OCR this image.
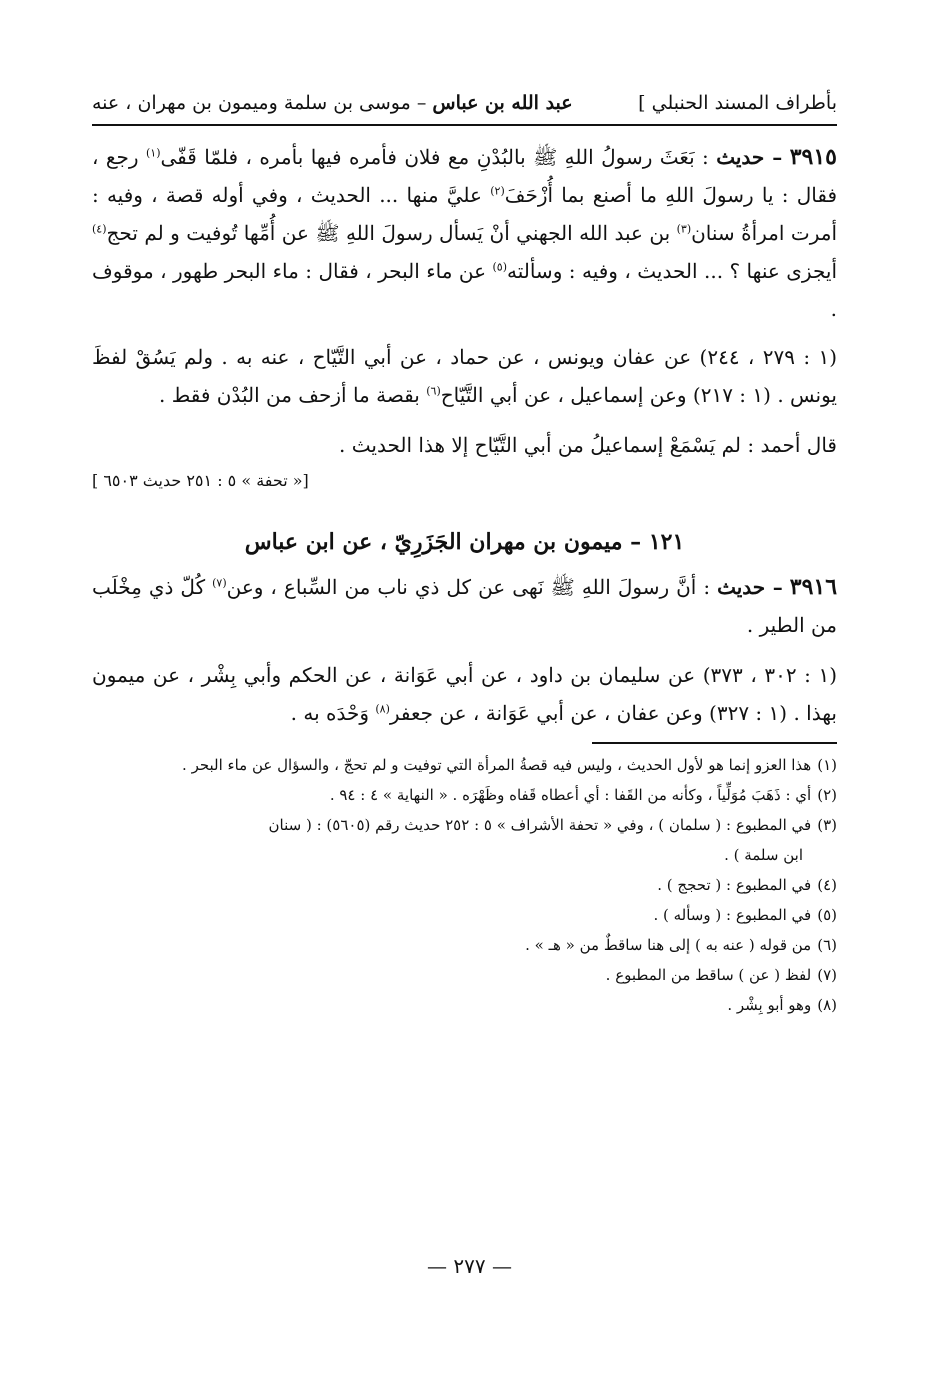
بأطراف المسند الحنبلي ]
عبد الله بن عباس – موسى بن سلمة وميمون بن مهران ، عنه

٣٩١٥ – حديث : بَعَثَ رسولُ اللهِ ﷺ بالبُدْنِ مع فلان فأمره فيها بأمره ، فلمّا قَفّى$^{(١)}$ رجع ، فقال : يا رسولَ اللهِ ما أصنع بما أُزْحَفَ$^{(٢)}$ عليَّ منها ... الحديث ، وفي أوله قصة ، وفيه : أمرت امرأةُ سنان$^{(٣)}$ بن عبد الله الجهني أنْ يَسأل رسولَ اللهِ ﷺ عن أُمِّها تُوفيت و لم تحج$^{(٤)}$ أيجزى عنها ؟ ... الحديث ، وفيه : وسألته$^{(٥)}$ عن ماء البحر ، فقال : ماء البحر طهور ، موقوف .

(١ : ٢٧٩ ، ٢٤٤) عن عفان ويونس ، عن حماد ، عن أبي التَّيّاح ، عنه به . ولم يَسُقْ لفظَ يونس . (١ : ٢١٧) وعن إسماعيل ، عن أبي التَّيّاح$^{(٦)}$ بقصة ما أزحف من البُدْن فقط .

قال أحمد : لم يَسْمَعْ إسماعيلُ من أبي التَّيّاح إلا هذا الحديث .

[« تحفة » ٥ : ٢٥١ حديث ٦٥٠٣ ]
١٢١ – ميمون بن مهران الجَزَرِيّ ، عن ابن عباس

٣٩١٦ – حديث : أنَّ رسولَ اللهِ ﷺ نَهى عن كل ذي ناب من السِّباع ، وعن$^{(٧)}$ كُلّ ذي مِخْلَب من الطير .

(١ : ٣٠٢ ، ٣٧٣) عن سليمان بن داود ، عن أبي عَوَانة ، عن الحكم وأبي بِشْر ، عن ميمون بهذا . (١ : ٣٢٧) وعن عفان ، عن أبي عَوَانة ، عن جعفر$^{(٨)}$ وَحْدَه به .

(١)هذا العزو إنما هو لأول الحديث ، وليس فيه قصةُ المرأة التي توفيت و لم تحجّ ، والسؤال عن ماء البحر .
(٢)أي : ذَهَبَ مُوَلِّياً ، وكأنه من القَفا : أي أعطاه قَفاه وظَهْرَه . « النهاية » ٤ : ٩٤ .
(٣)في المطبوع : ( سلمان ) ، وفي « تحفة الأشراف » ٥ : ٢٥٢ حديث رقم (٥٦٠٥) : ( سنان
ابن سلمة ) .
(٤)في المطبوع : ( تحجج ) .
(٥)في المطبوع : ( وسأله ) .
(٦)من قوله ( عنه به ) إلى هنا ساقطٌ من « هـ » .
(٧)لفظ ( عن ) ساقط من المطبوع .
(٨)وهو أبو بِشْر .
— ٢٧٧ —
